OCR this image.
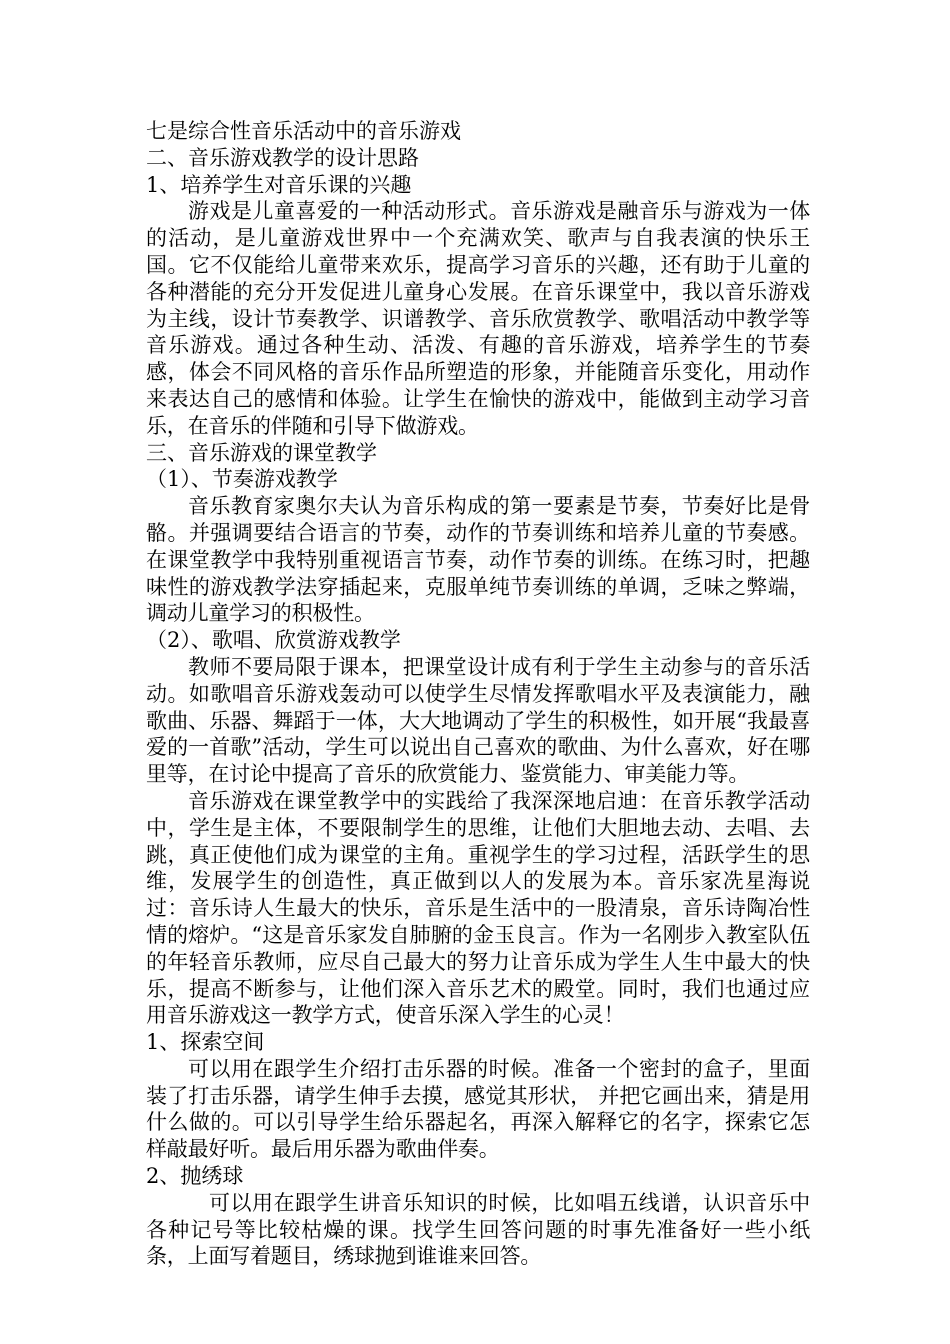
七是综合性音乐活动中的音乐游戏

二、音乐游戏教学的设计思路

1、培养学生对音乐课的兴趣

游戏是儿童喜爱的一种活动形式。音乐游戏是融音乐与游戏为一体的活动，是儿童游戏世界中一个充满欢笑、歌声与自我表演的快乐王国。它不仅能给儿童带来欢乐，提高学习音乐的兴趣，还有助于儿童的各种潜能的充分开发促进儿童身心发展。在音乐课堂中，我以音乐游戏为主线，设计节奏教学、识谱教学、音乐欣赏教学、歌唱活动中教学等音乐游戏。通过各种生动、活泼、有趣的音乐游戏，培养学生的节奏感，体会不同风格的音乐作品所塑造的形象，并能随音乐变化，用动作来表达自己的感情和体验。让学生在愉快的游戏中，能做到主动学习音乐，在音乐的伴随和引导下做游戏。

三、音乐游戏的课堂教学

（1）、节奏游戏教学

音乐教育家奥尔夫认为音乐构成的第一要素是节奏，节奏好比是骨骼。并强调要结合语言的节奏，动作的节奏训练和培养儿童的节奏感。在课堂教学中我特别重视语言节奏，动作节奏的训练。在练习时，把趣味性的游戏教学法穿插起来，克服单纯节奏训练的单调，乏味之弊端，调动儿童学习的积极性。

（2）、歌唱、欣赏游戏教学

教师不要局限于课本，把课堂设计成有利于学生主动参与的音乐活动。如歌唱音乐游戏轰动可以使学生尽情发挥歌唱水平及表演能力，融歌曲、乐器、舞蹈于一体，大大地调动了学生的积极性，如开展“我最喜爱的一首歌”活动，学生可以说出自己喜欢的歌曲、为什么喜欢，好在哪里等，在讨论中提高了音乐的欣赏能力、鉴赏能力、审美能力等。

音乐游戏在课堂教学中的实践给了我深深地启迪：在音乐教学活动中，学生是主体，不要限制学生的思维，让他们大胆地去动、去唱、去跳，真正使他们成为课堂的主角。重视学生的学习过程，活跃学生的思维，发展学生的创造性，真正做到以人的发展为本。音乐家冼星海说过：音乐诗人生最大的快乐，音乐是生活中的一股清泉，音乐诗陶冶性情的熔炉。“这是音乐家发自肺腑的金玉良言。作为一名刚步入教室队伍的年轻音乐教师，应尽自己最大的努力让音乐成为学生人生中最大的快乐，提高不断参与，让他们深入音乐艺术的殿堂。同时，我们也通过应用音乐游戏这一教学方式，使音乐深入学生的心灵！

1、探索空间

可以用在跟学生介绍打击乐器的时候。准备一个密封的盒子，里面装了打击乐器，请学生伸手去摸，感觉其形状， 并把它画出来，猜是用什么做的。可以引导学生给乐器起名，再深入解释它的名字，探索它怎样敲最好听。最后用乐器为歌曲伴奏。

2、抛绣球

可以用在跟学生讲音乐知识的时候，比如唱五线谱，认识音乐中各种记号等比较枯燥的课。找学生回答问题的时事先准备好一些小纸条，上面写着题目，绣球抛到谁谁来回答。
